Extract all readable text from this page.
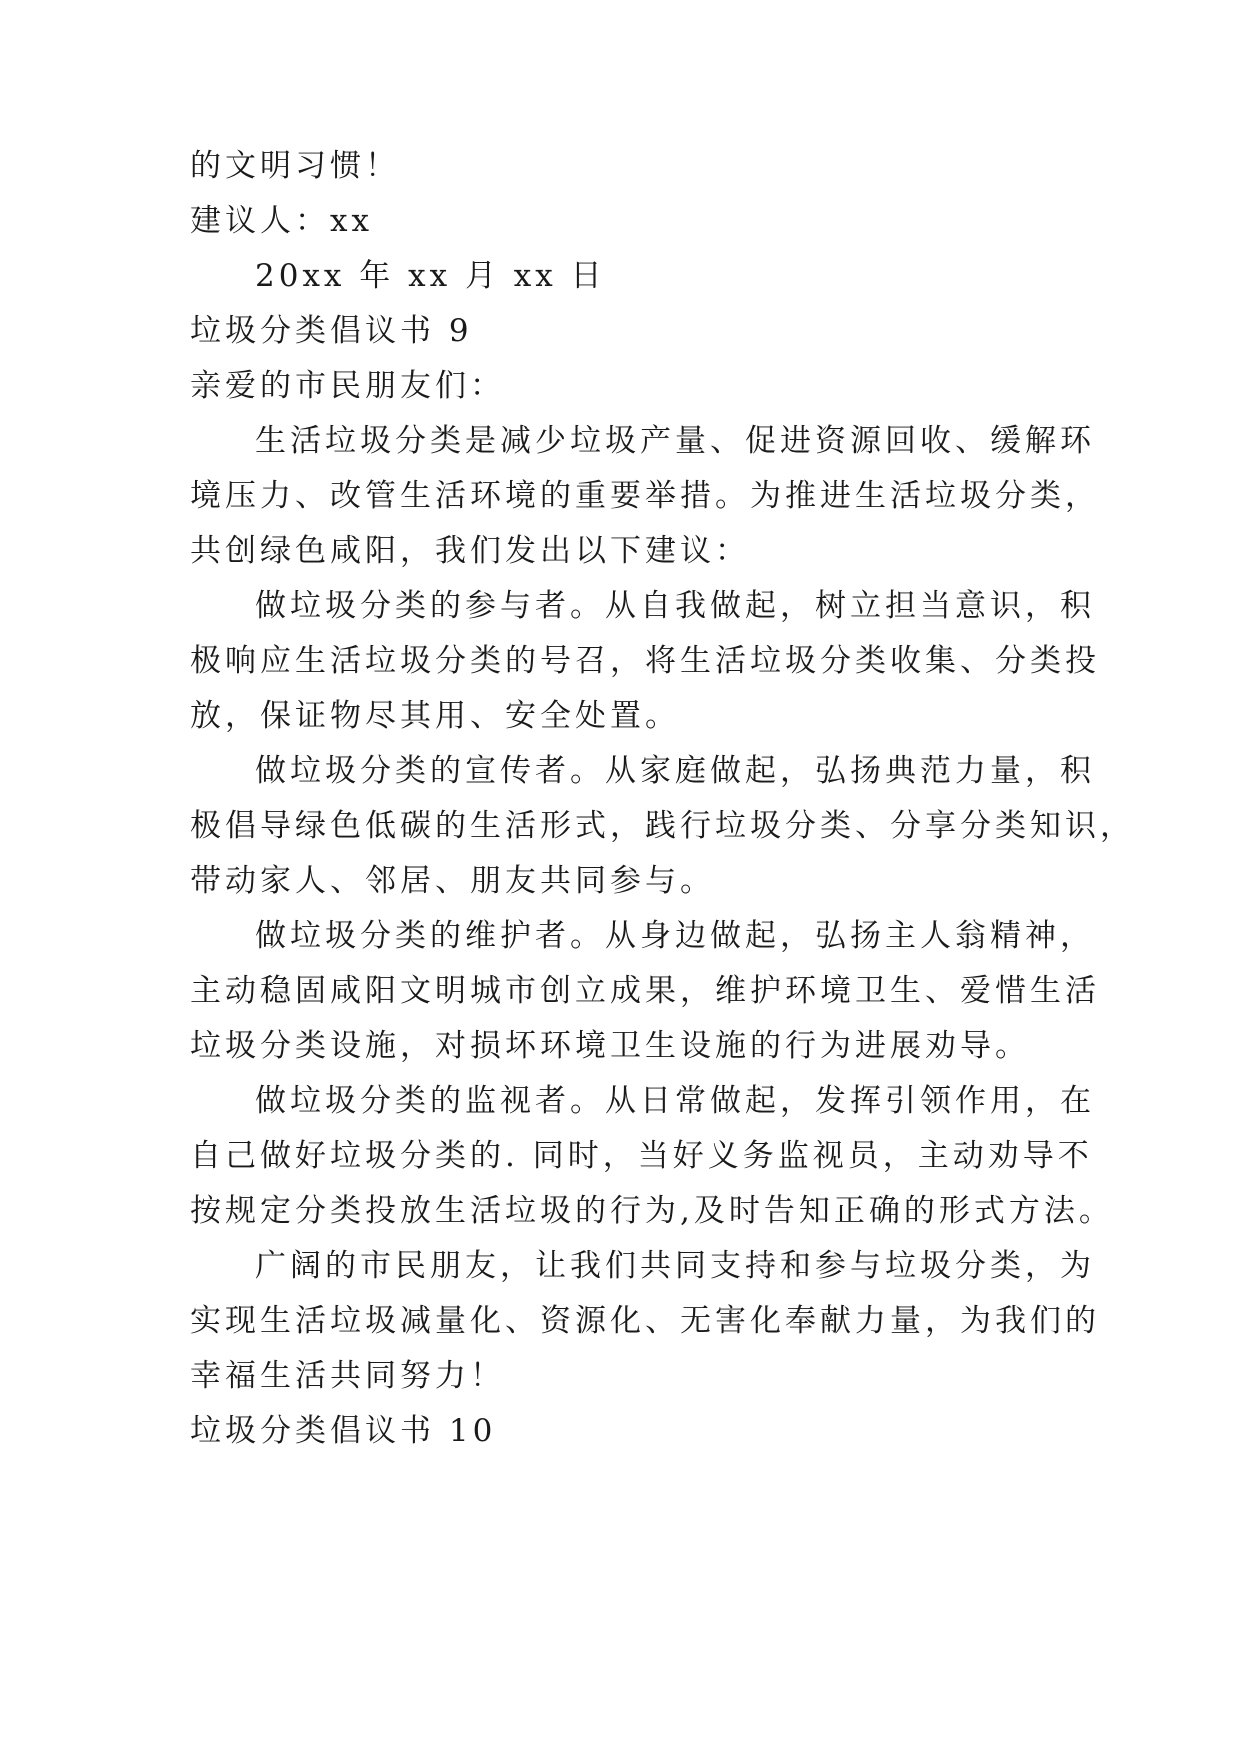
的文明习惯！
建议人：xx
20xx 年 xx 月 xx 日
垃圾分类倡议书 9
亲爱的市民朋友们：
生活垃圾分类是减少垃圾产量、促进资源回收、缓解环
境压力、改管生活环境的重要举措。为推进生活垃圾分类，
共创绿色咸阳，我们发出以下建议：
做垃圾分类的参与者。从自我做起，树立担当意识，积
极响应生活垃圾分类的号召，将生活垃圾分类收集、分类投
放，保证物尽其用、安全处置。
做垃圾分类的宣传者。从家庭做起，弘扬典范力量，积
极倡导绿色低碳的生活形式，践行垃圾分类、分享分类知识，
带动家人、邻居、朋友共同参与。
做垃圾分类的维护者。从身边做起，弘扬主人翁精神，
主动稳固咸阳文明城市创立成果，维护环境卫生、爱惜生活
垃圾分类设施，对损坏环境卫生设施的行为进展劝导。
做垃圾分类的监视者。从日常做起，发挥引领作用，在
自己做好垃圾分类的. 同时，当好义务监视员，主动劝导不
按规定分类投放生活垃圾的行为,及时告知正确的形式方法。
广阔的市民朋友，让我们共同支持和参与垃圾分类，为
实现生活垃圾减量化、资源化、无害化奉献力量，为我们的
幸福生活共同努力！
垃圾分类倡议书 10
